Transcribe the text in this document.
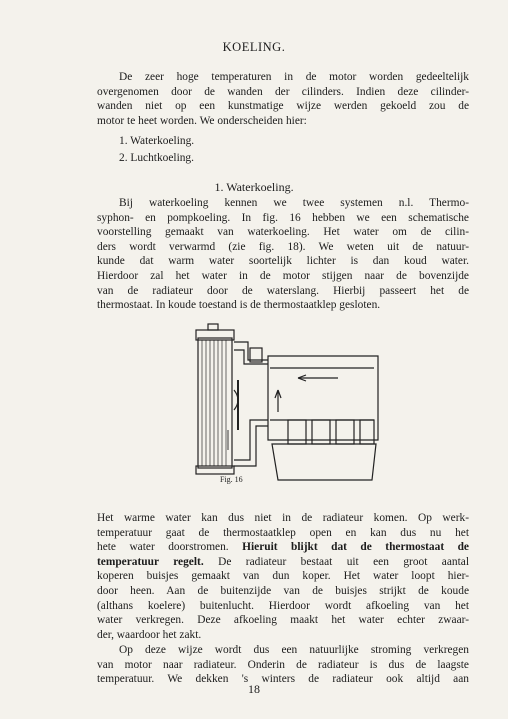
KOELING.
De zeer hoge temperaturen in de motor worden gedeeltelijk
overgenomen door de wanden der cilinders. Indien deze cilinder-
wanden niet op een kunstmatige wijze werden gekoeld zou de
motor te heet worden. We onderscheiden hier:
1. Waterkoeling.
2. Luchtkoeling.
1. Waterkoeling.
Bij waterkoeling kennen we twee systemen n.l. Thermo-
syphon- en pompkoeling. In fig. 16 hebben we een schematische
voorstelling gemaakt van waterkoeling. Het water om de cilin-
ders wordt verwarmd (zie fig. 18). We weten uit de natuur-
kunde dat warm water soortelijk lichter is dan koud water.
Hierdoor zal het water in de motor stijgen naar de bovenzijde
van de radiateur door de waterslang. Hierbij passeert het de
thermostaat. In koude toestand is de thermostaatklep gesloten.
Fig. 16
Het warme water kan dus niet in de radiateur komen. Op werk-
temperatuur gaat de thermostaatklep open en kan dus nu het
hete water doorstromen. Hieruit blijkt dat de thermostaat de
temperatuur regelt. De radiateur bestaat uit een groot aantal
koperen buisjes gemaakt van dun koper. Het water loopt hier-
door heen. Aan de buitenzijde van de buisjes strijkt de koude
(althans koelere) buitenlucht. Hierdoor wordt afkoeling van het
water verkregen. Deze afkoeling maakt het water echter zwaar-
der, waardoor het zakt.
Op deze wijze wordt dus een natuurlijke stroming verkregen
van motor naar radiateur. Onderin de radiateur is dus de laagste
temperatuur. We dekken 's winters de radiateur ook altijd aan
18
